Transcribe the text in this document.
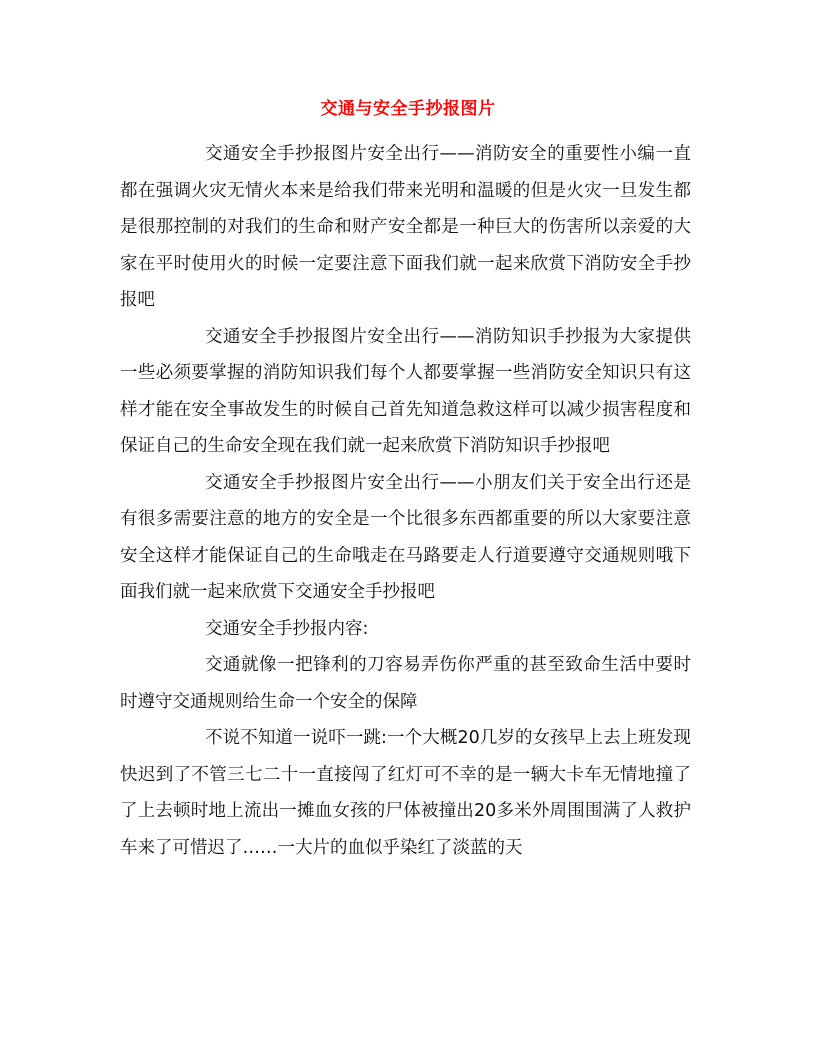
交通与安全手抄报图片

交通安全手抄报图片安全出行——消防安全的重要性小编一直都在强调火灾无情火本来是给我们带来光明和温暖的但是火灾一旦发生都是很那控制的对我们的生命和财产安全都是一种巨大的伤害所以亲爱的大家在平时使用火的时候一定要注意下面我们就一起来欣赏下消防安全手抄报吧

交通安全手抄报图片安全出行——消防知识手抄报为大家提供一些必须要掌握的消防知识我们每个人都要掌握一些消防安全知识只有这样才能在安全事故发生的时候自己首先知道急救这样可以减少损害程度和保证自己的生命安全现在我们就一起来欣赏下消防知识手抄报吧

交通安全手抄报图片安全出行——小朋友们关于安全出行还是有很多需要注意的地方的安全是一个比很多东西都重要的所以大家要注意安全这样才能保证自己的生命哦走在马路要走人行道要遵守交通规则哦下面我们就一起来欣赏下交通安全手抄报吧

交通安全手抄报内容:

交通就像一把锋利的刀容易弄伤你严重的甚至致命生活中要时时遵守交通规则给生命一个安全的保障

不说不知道一说吓一跳:一个大概20几岁的女孩早上去上班发现快迟到了不管三七二十一直接闯了红灯可不幸的是一辆大卡车无情地撞了了上去顿时地上流出一摊血女孩的尸体被撞出20多米外周围围满了人救护车来了可惜迟了……一大片的血似乎染红了淡蓝的天
